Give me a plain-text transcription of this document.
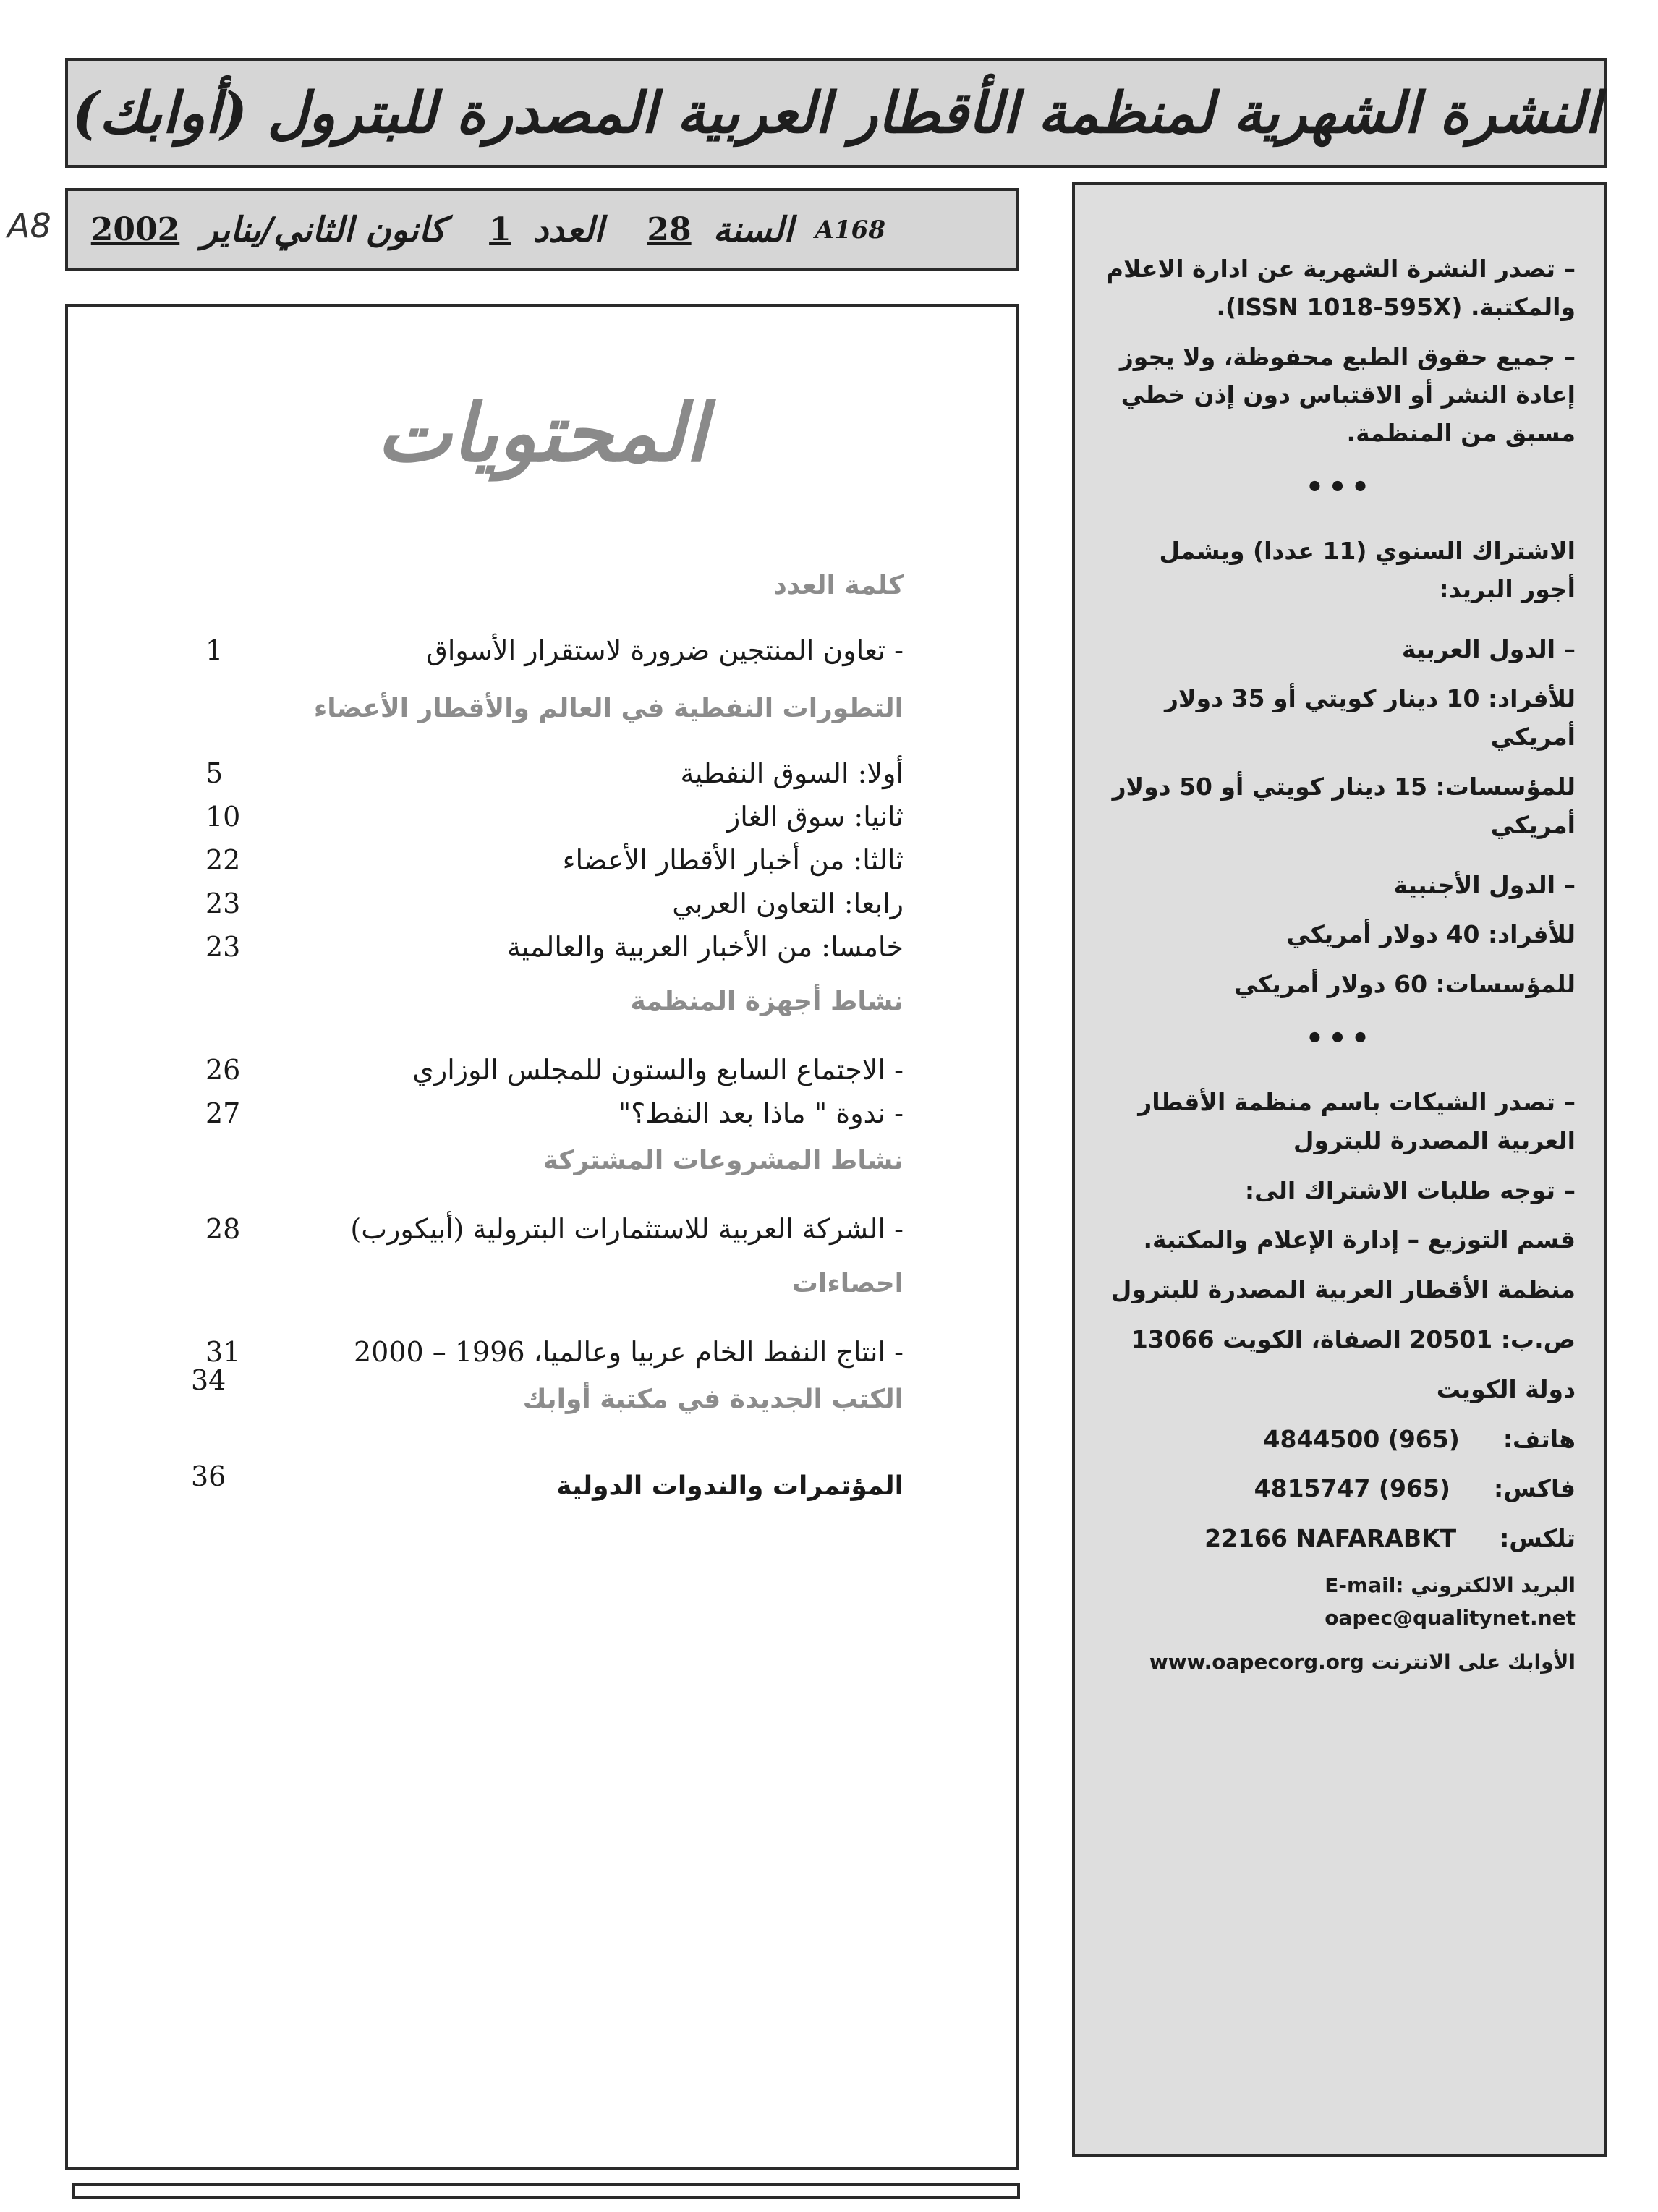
النشرة الشهرية لمنظمة الأقطار العربية المصدرة للبترول (أوابك)
A8	A168
السنة
28
العدد
1
كانون الثاني/يناير
2002

– تصدر النشرة الشهرية عن ادارة الاعلام والمكتبة. (ISSN 1018-595X).

– جميع حقوق الطبع محفوظة، ولا يجوز إعادة النشر أو الاقتباس دون إذن خطي مسبق من المنظمة.

•••

الاشتراك السنوي (11 عددا) ويشمل أجور البريد:

– الدول العربية

للأفراد: 10 دينار كويتي أو 35 دولار أمريكي

للمؤسسات: 15 دينار كويتي أو 50 دولار أمريكي

– الدول الأجنبية

للأفراد: 40 دولار أمريكي

للمؤسسات: 60 دولار أمريكي

•••

– تصدر الشيكات باسم منظمة الأقطار العربية المصدرة للبترول

– توجه طلبات الاشتراك الى:

قسم التوزيع – إدارة الإعلام والمكتبة.

منظمة الأقطار العربية المصدرة للبترول

ص.ب: 20501 الصفاة، الكويت 13066

دولة الكويت

هاتف:
4844500 (965)

فاكس:
4815747 (965)

تلكس:
22166 NAFARABKT

البريد الالكتروني E-mail: oapec@qualitynet.net

الأوابك على الانترنت www.oapecorg.org

المحتويات
كلمة العدد
- تعاون المنتجين ضرورة لاستقرار الأسواق
1
التطورات النفطية في العالم والأقطار الأعضاء
أولا: السوق النفطية
5
ثانيا: سوق الغاز
10
ثالثا: من أخبار الأقطار الأعضاء
22
رابعا: التعاون العربي
23
خامسا: من الأخبار العربية والعالمية
23
نشاط أجهزة المنظمة
- الاجتماع السابع والستون للمجلس الوزاري
26
- ندوة " ماذا بعد النفط؟"
27
نشاط المشروعات المشتركة
- الشركة العربية للاستثمارات البترولية (أبيكورب)
28
احصاءات
- انتاج النفط الخام عربيا وعالميا، 1996 – 2000
31
34
الكتب الجديدة في مكتبة أوابك
36	المؤتمرات والندوات الدولية
